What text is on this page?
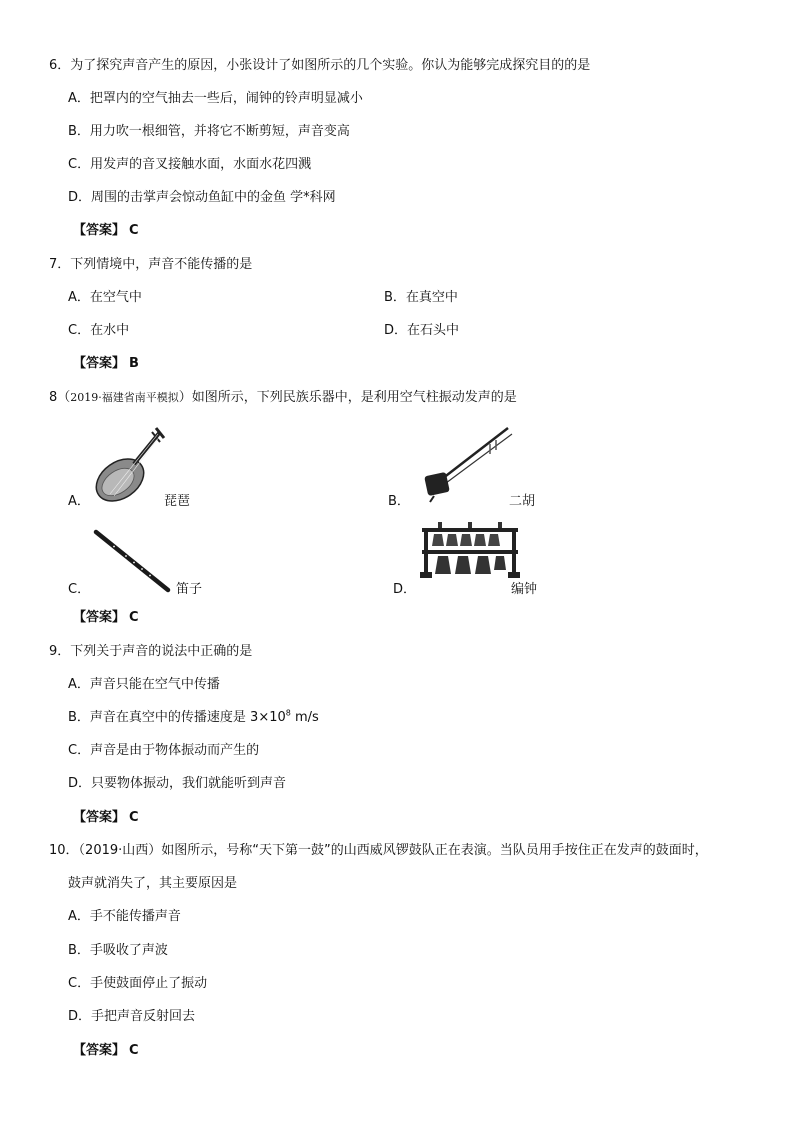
6．为了探究声音产生的原因，小张设计了如图所示的几个实验。你认为能够完成探究目的的是
A．把罩内的空气抽去一些后，闹钟的铃声明显减小
B．用力吹一根细管，并将它不断剪短，声音变高
C．用发声的音叉接触水面，水面水花四溅
D．周围的击掌声会惊动鱼缸中的金鱼 学*科网
【答案】 C
7．下列情境中，声音不能传播的是
A．在空气中	B．在真空中
C．在水中	D．在石头中
【答案】 B
8（2019·福建省南平模拟）如图所示，下列民族乐器中，是利用空气柱振动发声的是
A．	琵琶	B．	二胡
C．	笛子	D．	编钟
【答案】 C
9．下列关于声音的说法中正确的是
A．声音只能在空气中传播
B．声音在真空中的传播速度是 $3\times 10^8$ m/s
C．声音是由于物体振动而产生的
D．只要物体振动，我们就能听到声音
【答案】 C
10．（2019·山西）如图所示，号称“天下第一鼓”的山西威风锣鼓队正在表演。当队员用手按住正在发声的鼓面时，
鼓声就消失了，其主要原因是
A．手不能传播声音
B．手吸收了声波
C．手使鼓面停止了振动
D．手把声音反射回去
【答案】 C
